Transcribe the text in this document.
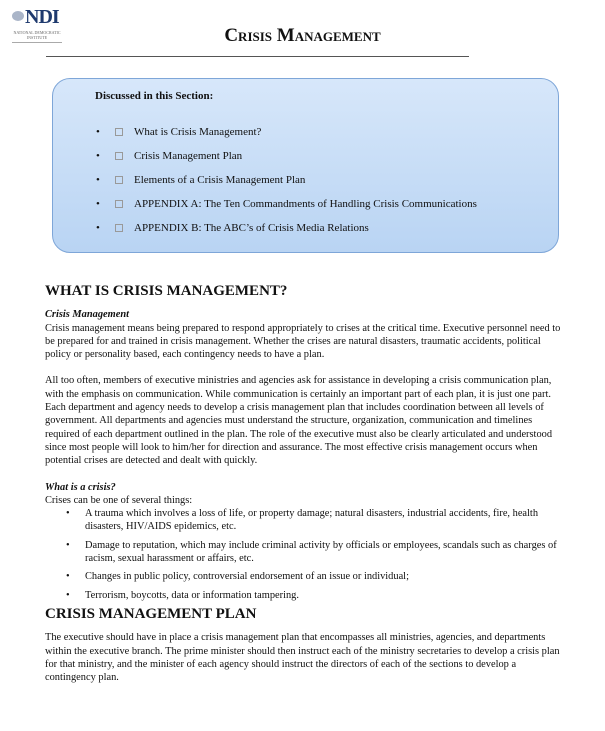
NDI
NATIONAL DEMOCRATIC INSTITUTE	Crisis Management
Discussed in this Section:
• What is Crisis Management?
• Crisis Management Plan
• Elements of a Crisis Management Plan
• APPENDIX A: The Ten Commandments of Handling Crisis Communications
• APPENDIX B: The ABC’s of Crisis Media Relations
WHAT IS CRISIS MANAGEMENT?
Crisis Management

Crisis management means being prepared to respond appropriately to crises at the critical time. Executive personnel need to be prepared for and trained in crisis management. Whether the crises are natural disasters, traumatic accidents, political policy or personality based, each contingency needs to have a plan.

All too often, members of executive ministries and agencies ask for assistance in developing a crisis communication plan, with the emphasis on communication. While communication is certainly an important part of each plan, it is just one part. Each department and agency needs to develop a crisis management plan that includes coordination between all levels of government. All departments and agencies must understand the structure, organization, communication and timelines required of each department outlined in the plan. The role of the executive must also be clearly articulated and understood since most people will look to him/her for direction and assurance. The most effective crisis management occurs when potential crises are detected and dealt with quickly.

What is a crisis?
Crises can be one of several things:
• A trauma which involves a loss of life, or property damage; natural disasters, industrial accidents, fire, health disasters, HIV/AIDS epidemics, etc.
• Damage to reputation, which may include criminal activity by officials or employees, scandals such as charges of racism, sexual harassment or affairs, etc.
• Changes in public policy, controversial endorsement of an issue or individual;
• Terrorism, boycotts, data or information tampering.
CRISIS MANAGEMENT PLAN

The executive should have in place a crisis management plan that encompasses all ministries, agencies, and departments within the executive branch. The prime minister should then instruct each of the ministry secretaries to develop a crisis plan for that ministry, and the minister of each agency should instruct the directors of each of the sections to develop a contingency plan.
